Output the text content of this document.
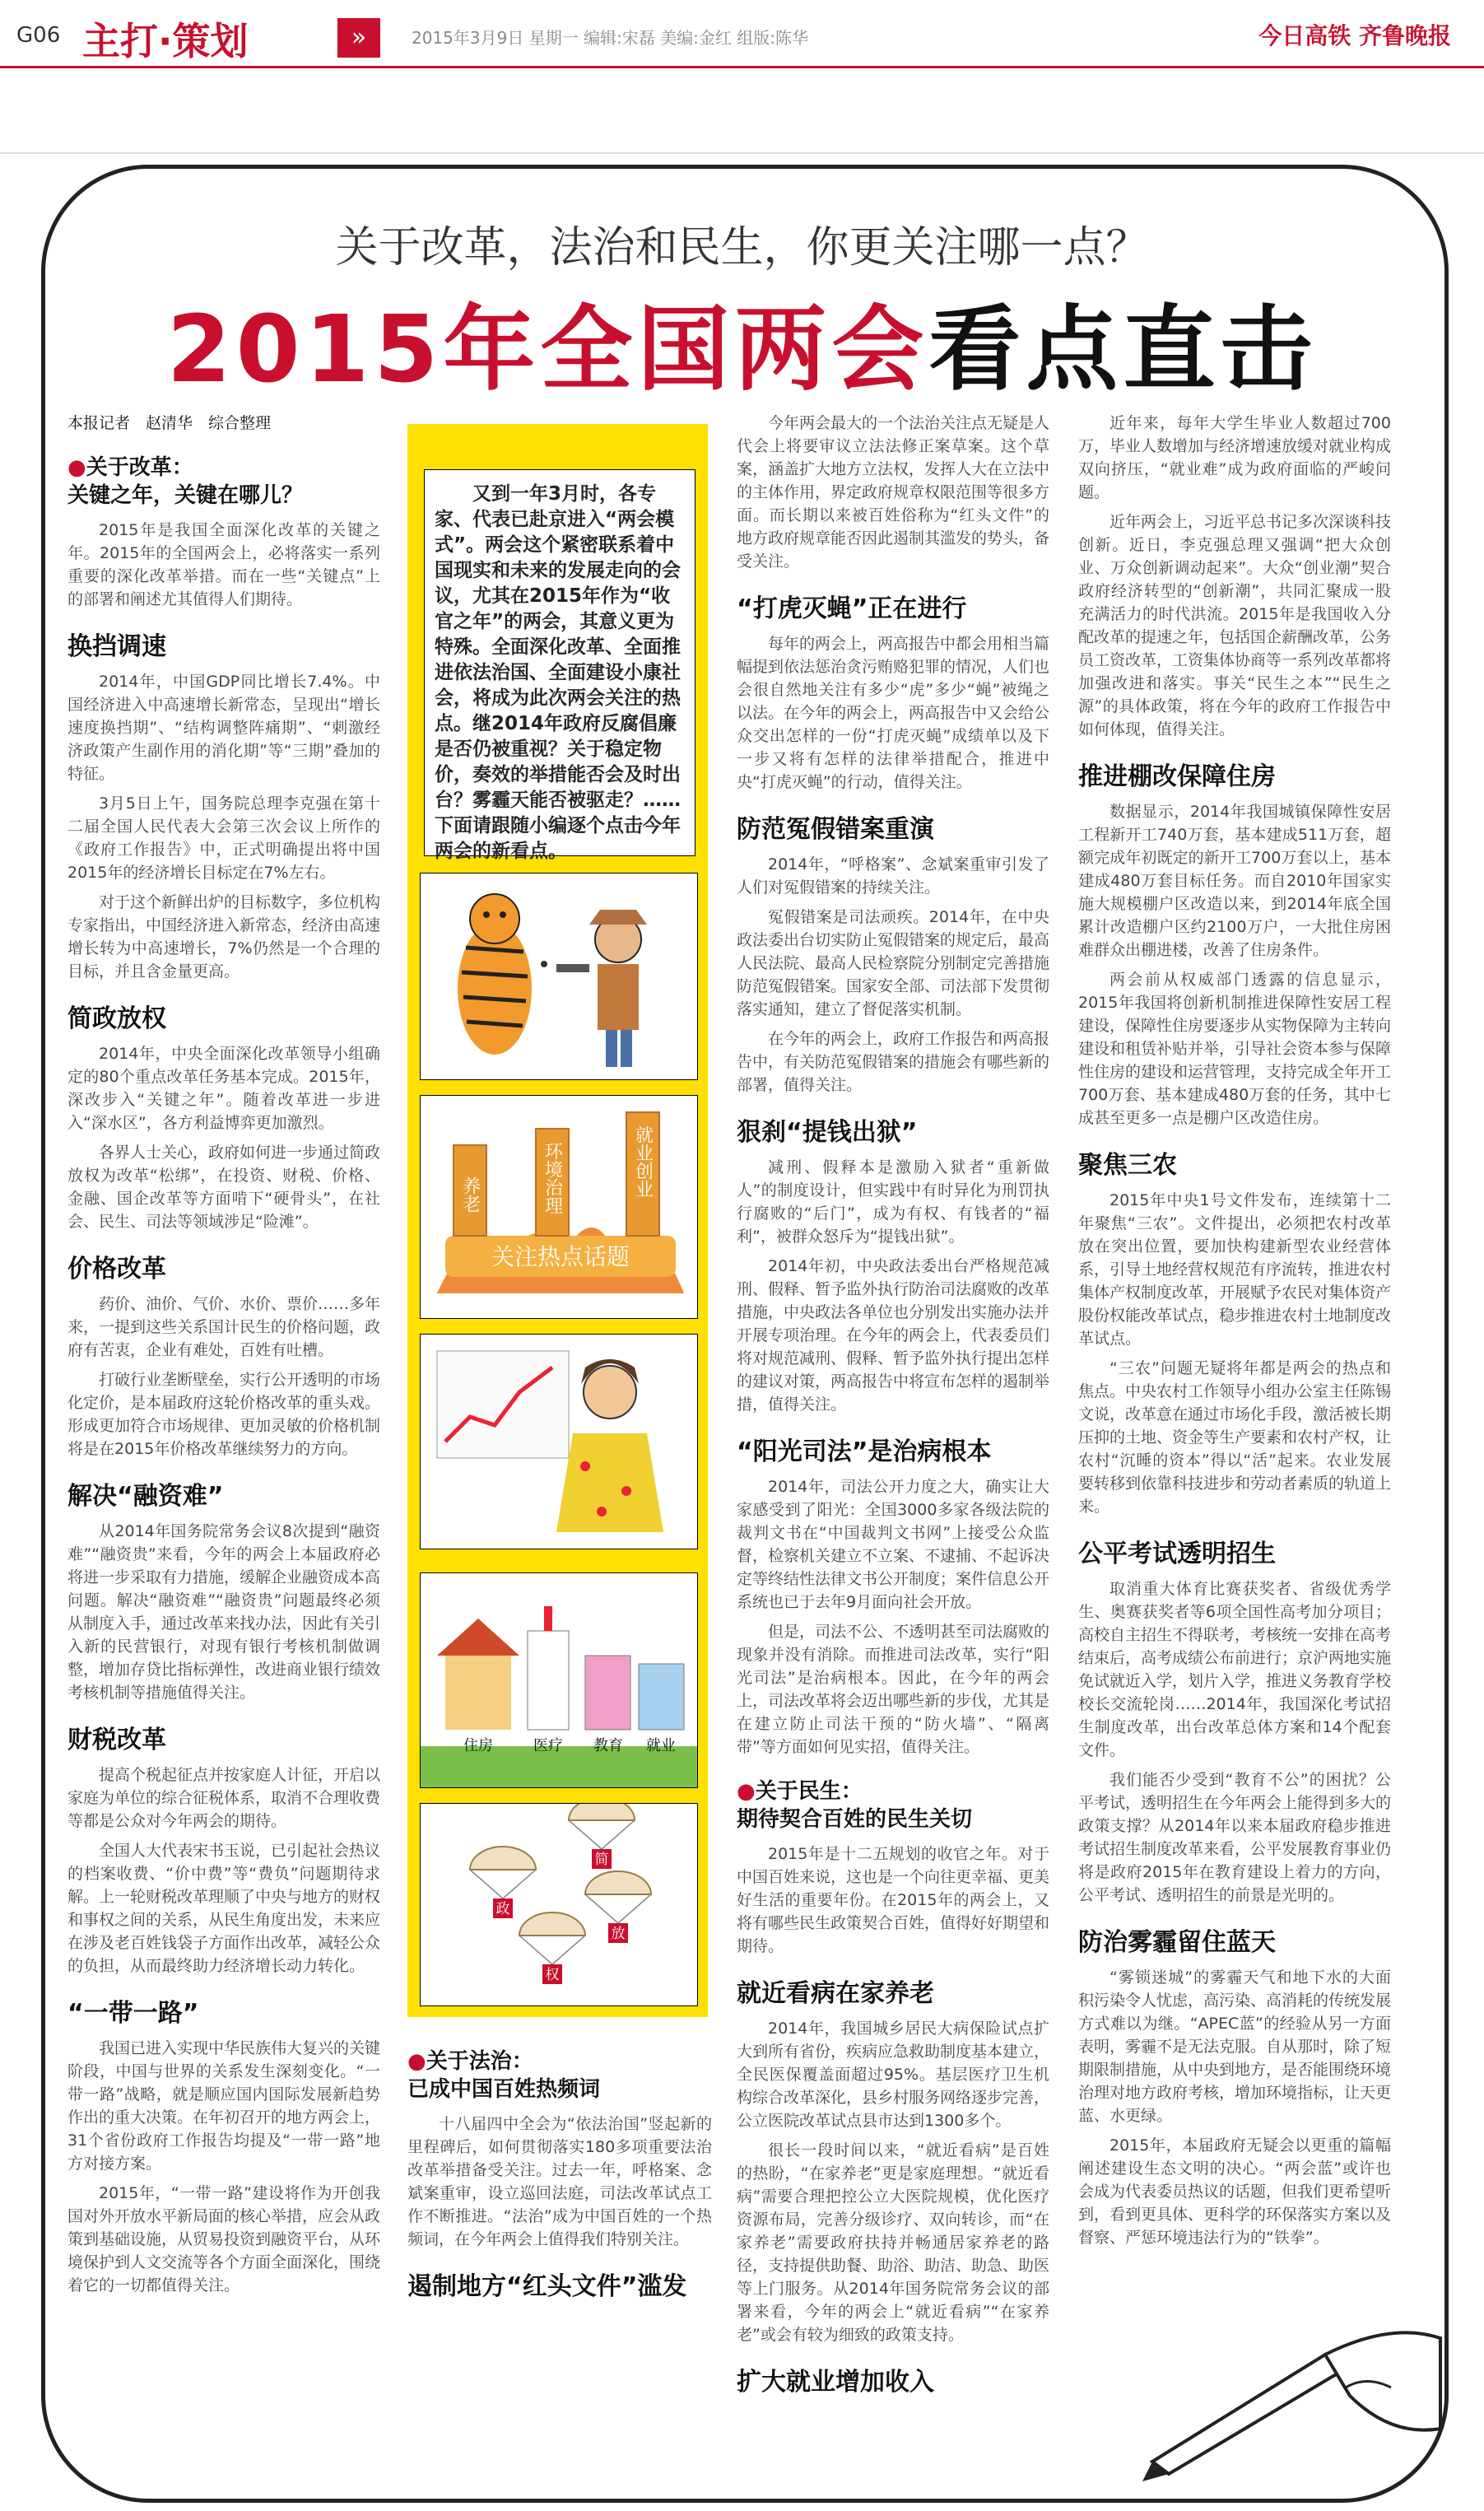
G06 主打·策划	»	2015年3月9日 星期一 编辑:宋磊 美编:金红 组版:陈华	今日高铁 齐鲁晚报
关于改革，法治和民生，你更关注哪一点？
2015年全国两会看点直击
本报记者　赵清华　综合整理
●关于改革：
关键之年，关键在哪儿？

2015年是我国全面深化改革的关键之年。2015年的全国两会上，必将落实一系列重要的深化改革举措。而在一些“关键点”上的部署和阐述尤其值得人们期待。

换挡调速

2014年，中国GDP同比增长7.4%。中国经济进入中高速增长新常态，呈现出“增长速度换挡期”、“结构调整阵痛期”、“刺激经济政策产生副作用的消化期”等“三期”叠加的特征。

3月5日上午，国务院总理李克强在第十二届全国人民代表大会第三次会议上所作的《政府工作报告》中，正式明确提出将中国2015年的经济增长目标定在7%左右。

对于这个新鲜出炉的目标数字，多位机构专家指出，中国经济进入新常态，经济由高速增长转为中高速增长，7%仍然是一个合理的目标，并且含金量更高。

简政放权

2014年，中央全面深化改革领导小组确定的80个重点改革任务基本完成。2015年，深改步入“关键之年”。随着改革进一步进入“深水区”，各方利益博弈更加激烈。

各界人士关心，政府如何进一步通过简政放权为改革“松绑”，在投资、财税、价格、金融、国企改革等方面啃下“硬骨头”，在社会、民生、司法等领域涉足“险滩”。

价格改革

药价、油价、气价、水价、票价……多年来，一提到这些关系国计民生的价格问题，政府有苦衷，企业有难处，百姓有吐槽。

打破行业垄断壁垒，实行公开透明的市场化定价，是本届政府这轮价格改革的重头戏。形成更加符合市场规律、更加灵敏的价格机制将是在2015年价格改革继续努力的方向。

解决“融资难”

从2014年国务院常务会议8次提到“融资难”“融资贵”来看，今年的两会上本届政府必将进一步采取有力措施，缓解企业融资成本高问题。解决“融资难”“融资贵”问题最终必须从制度入手，通过改革来找办法，因此有关引入新的民营银行，对现有银行考核机制做调整，增加存贷比指标弹性，改进商业银行绩效考核机制等措施值得关注。

财税改革

提高个税起征点并按家庭人计征，开启以家庭为单位的综合征税体系，取消不合理收费等都是公众对今年两会的期待。

全国人大代表宋书玉说，已引起社会热议的档案收费、“价中费”等“费负”问题期待求解。上一轮财税改革理顺了中央与地方的财权和事权之间的关系，从民生角度出发，未来应在涉及老百姓钱袋子方面作出改革，减轻公众的负担，从而最终助力经济增长动力转化。

“一带一路”

我国已进入实现中华民族伟大复兴的关键阶段，中国与世界的关系发生深刻变化。“一带一路”战略，就是顺应国内国际发展新趋势作出的重大决策。在年初召开的地方两会上，31个省份政府工作报告均提及“一带一路”地方对接方案。

2015年，“一带一路”建设将作为开创我国对外开放水平新局面的核心举措，应会从政策到基础设施，从贸易投资到融资平台，从环境保护到人文交流等各个方面全面深化，围绕着它的一切都值得关注。

又到一年3月时，各专家、代表已赴京进入“两会模式”。两会这个紧密联系着中国现实和未来的发展走向的会议，尤其在2015年作为“收官之年”的两会，其意义更为特殊。全面深化改革、全面推进依法治国、全面建设小康社会，将成为此次两会关注的热点。继2014年政府反腐倡廉是否仍被重视？关于稳定物价，奏效的举措能否会及时出台？雾霾天能否被驱走？……下面请跟随小编逐个点击今年两会的新看点。
养老	环境治理	就业创业
关注热点话题
住房	医疗 教育 就业
简
政
放
权
●关于法治：
已成中国百姓热频词

十八届四中全会为“依法治国”竖起新的里程碑后，如何贯彻落实180多项重要法治改革举措备受关注。过去一年，呼格案、念斌案重审，设立巡回法庭，司法改革试点工作不断推进。“法治”成为中国百姓的一个热频词，在今年两会上值得我们特别关注。

遏制地方“红头文件”滥发

今年两会最大的一个法治关注点无疑是人代会上将要审议立法法修正案草案。这个草案，涵盖扩大地方立法权，发挥人大在立法中的主体作用，界定政府规章权限范围等很多方面。而长期以来被百姓俗称为“红头文件”的地方政府规章能否因此遏制其滥发的势头，备受关注。

“打虎灭蝇”正在进行

每年的两会上，两高报告中都会用相当篇幅提到依法惩治贪污贿赂犯罪的情况，人们也会很自然地关注有多少“虎”多少“蝇”被绳之以法。在今年的两会上，两高报告中又会给公众交出怎样的一份“打虎灭蝇”成绩单以及下一步又将有怎样的法律举措配合，推进中央“打虎灭蝇”的行动，值得关注。

防范冤假错案重演

2014年，“呼格案”、念斌案重审引发了人们对冤假错案的持续关注。

冤假错案是司法顽疾。2014年，在中央政法委出台切实防止冤假错案的规定后，最高人民法院、最高人民检察院分别制定完善措施防范冤假错案。国家安全部、司法部下发贯彻落实通知，建立了督促落实机制。

在今年的两会上，政府工作报告和两高报告中，有关防范冤假错案的措施会有哪些新的部署，值得关注。

狠刹“提钱出狱”

减刑、假释本是激励入狱者“重新做人”的制度设计，但实践中有时异化为刑罚执行腐败的“后门”，成为有权、有钱者的“福利”，被群众怒斥为“提钱出狱”。

2014年初，中央政法委出台严格规范减刑、假释、暂予监外执行防治司法腐败的改革措施，中央政法各单位也分别发出实施办法并开展专项治理。在今年的两会上，代表委员们将对规范减刑、假释、暂予监外执行提出怎样的建议对策，两高报告中将宣布怎样的遏制举措，值得关注。

“阳光司法”是治病根本

2014年，司法公开力度之大，确实让大家感受到了阳光：全国3000多家各级法院的裁判文书在“中国裁判文书网”上接受公众监督，检察机关建立不立案、不逮捕、不起诉决定等终结性法律文书公开制度；案件信息公开系统也已于去年9月面向社会开放。

但是，司法不公、不透明甚至司法腐败的现象并没有消除。而推进司法改革，实行“阳光司法”是治病根本。因此，在今年的两会上，司法改革将会迈出哪些新的步伐，尤其是在建立防止司法干预的“防火墙”、“隔离带”等方面如何见实招，值得关注。

●关于民生：
期待契合百姓的民生关切

2015年是十二五规划的收官之年。对于中国百姓来说，这也是一个向往更幸福、更美好生活的重要年份。在2015年的两会上，又将有哪些民生政策契合百姓，值得好好期望和期待。

就近看病在家养老

2014年，我国城乡居民大病保险试点扩大到所有省份，疾病应急救助制度基本建立，全民医保覆盖面超过95%。基层医疗卫生机构综合改革深化，县乡村服务网络逐步完善，公立医院改革试点县市达到1300多个。

很长一段时间以来，“就近看病”是百姓的热盼，“在家养老”更是家庭理想。“就近看病”需要合理把控公立大医院规模，优化医疗资源布局，完善分级诊疗、双向转诊，而“在家养老”需要政府扶持并畅通居家养老的路径，支持提供助餐、助浴、助洁、助急、助医等上门服务。从2014年国务院常务会议的部署来看，今年的两会上“就近看病”“在家养老”或会有较为细致的政策支持。

扩大就业增加收入

近年来，每年大学生毕业人数超过700万，毕业人数增加与经济增速放缓对就业构成双向挤压，“就业难”成为政府面临的严峻问题。

近年两会上，习近平总书记多次深谈科技创新。近日，李克强总理又强调“把大众创业、万众创新调动起来”。大众“创业潮”契合政府经济转型的“创新潮”，共同汇聚成一股充满活力的时代洪流。2015年是我国收入分配改革的提速之年，包括国企薪酬改革，公务员工资改革，工资集体协商等一系列改革都将加强改进和落实。事关“民生之本”“民生之源”的具体政策，将在今年的政府工作报告中如何体现，值得关注。

推进棚改保障住房

数据显示，2014年我国城镇保障性安居工程新开工740万套，基本建成511万套，超额完成年初既定的新开工700万套以上，基本建成480万套目标任务。而自2010年国家实施大规模棚户区改造以来，到2014年底全国累计改造棚户区约2100万户，一大批住房困难群众出棚进楼，改善了住房条件。

两会前从权威部门透露的信息显示，2015年我国将创新机制推进保障性安居工程建设，保障性住房要逐步从实物保障为主转向建设和租赁补贴并举，引导社会资本参与保障性住房的建设和运营管理，支持完成全年开工700万套、基本建成480万套的任务，其中七成甚至更多一点是棚户区改造住房。

聚焦三农

2015年中央1号文件发布，连续第十二年聚焦“三农”。文件提出，必须把农村改革放在突出位置，要加快构建新型农业经营体系，引导土地经营权规范有序流转，推进农村集体产权制度改革，开展赋予农民对集体资产股份权能改革试点，稳步推进农村土地制度改革试点。

“三农”问题无疑将年都是两会的热点和焦点。中央农村工作领导小组办公室主任陈锡文说，改革意在通过市场化手段，激活被长期压抑的土地、资金等生产要素和农村产权，让农村“沉睡的资本”得以“活”起来。农业发展要转移到依靠科技进步和劳动者素质的轨道上来。

公平考试透明招生

取消重大体育比赛获奖者、省级优秀学生、奥赛获奖者等6项全国性高考加分项目；高校自主招生不得联考，考核统一安排在高考结束后，高考成绩公布前进行；京沪两地实施免试就近入学，划片入学，推进义务教育学校校长交流轮岗……2014年，我国深化考试招生制度改革，出台改革总体方案和14个配套文件。

我们能否少受到“教育不公”的困扰？公平考试，透明招生在今年两会上能得到多大的政策支撑？从2014年以来本届政府稳步推进考试招生制度改革来看，公平发展教育事业仍将是政府2015年在教育建设上着力的方向，公平考试、透明招生的前景是光明的。

防治雾霾留住蓝天

“雾锁迷城”的雾霾天气和地下水的大面积污染令人忧虑，高污染、高消耗的传统发展方式难以为继。“APEC蓝”的经验从另一方面表明，雾霾不是无法克服。自从那时，除了短期限制措施，从中央到地方，是否能围绕环境治理对地方政府考核，增加环境指标，让天更蓝、水更绿。

2015年，本届政府无疑会以更重的篇幅阐述建设生态文明的决心。“两会蓝”或许也会成为代表委员热议的话题，但我们更希望听到，看到更具体、更科学的环保落实方案以及督察、严惩环境违法行为的“铁拳”。
